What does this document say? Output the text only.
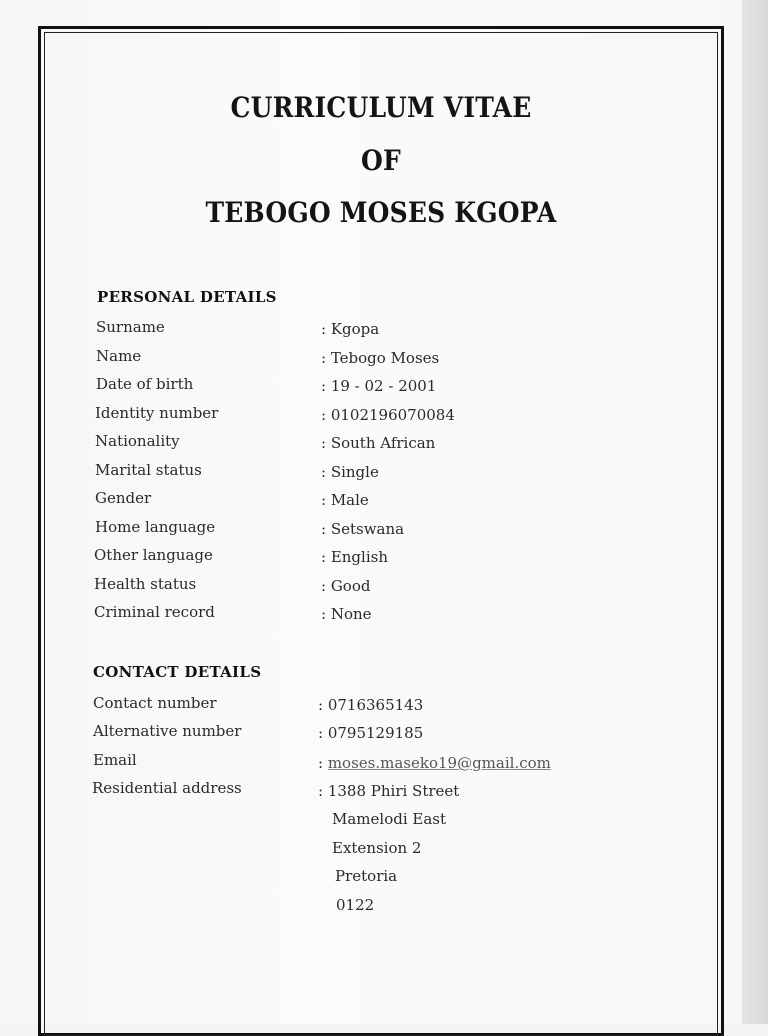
CURRICULUM VITAE
OF
TEBOGO MOSES KGOPA
PERSONAL DETAILS
Surname	: Kgopa
Name	: Tebogo Moses
Date of birth	: 19 - 02 - 2001
Identity number	: 0102196070084
Nationality	: South African
Marital status	: Single
Gender	: Male
Home language	: Setswana
Other language	: English
Health status	: Good
Criminal record	: None
CONTACT DETAILS
Contact number	: 0716365143
Alternative number	: 0795129185
Email	: moses.maseko19@gmail.com
Residential address	: 1388 Phiri Street
Mamelodi East
Extension 2
Pretoria
0122
